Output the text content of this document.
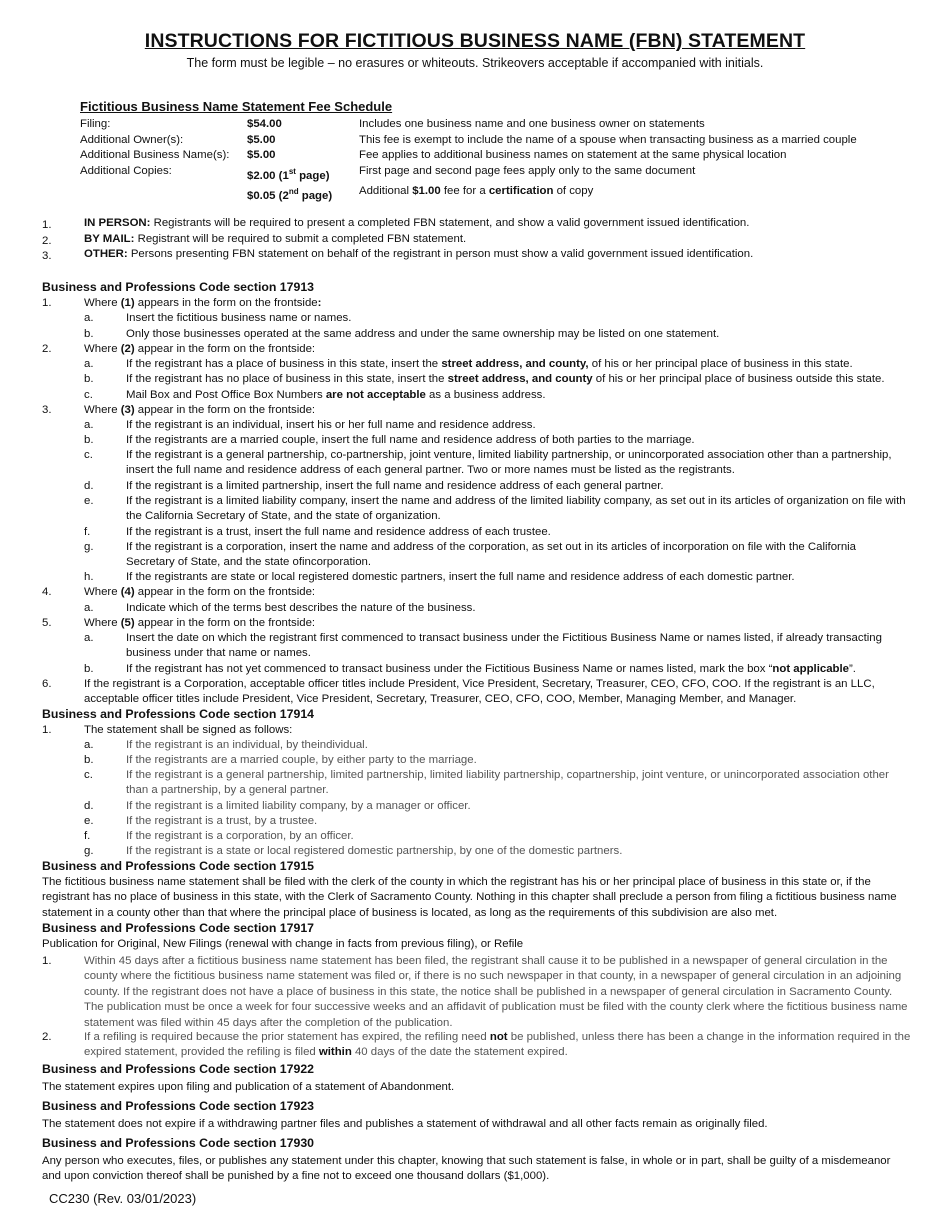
INSTRUCTIONS FOR FICTITIOUS BUSINESS NAME (FBN) STATEMENT
The form must be legible – no erasures or whiteouts. Strikeovers acceptable if accompanied with initials.
Fictitious Business Name Statement Fee Schedule
Filing:	$54.00	Includes one business name and one business owner on statements
Additional Owner(s):	$5.00	This fee is exempt to include the name of a spouse when transacting business as a married couple
Additional Business Name(s):	$5.00	Fee applies to additional business names on statement at the same physical location
Additional Copies:	$2.00 (1st page)	First page and second page fees apply only to the same document
	$0.05 (2nd page)	Additional $1.00 fee for a certification of copy
1.	IN PERSON: Registrants will be required to present a completed FBN statement, and show a valid government issued identification.
2.	BY MAIL: Registrant will be required to submit a completed FBN statement.
3.	OTHER: Persons presenting FBN statement on behalf of the registrant in person must show a valid government issued identification.
Business and Professions Code section 17913
1.	Where (1) appears in the form on the frontside:
a.	Insert the fictitious business name or names.
b.	Only those businesses operated at the same address and under the same ownership may be listed on one statement.
2.	Where (2) appear in the form on the frontside:
a.	If the registrant has a place of business in this state, insert the street address, and county, of his or her principal place of business in this state.
b.	If the registrant has no place of business in this state, insert the street address, and county of his or her principal place of business outside this state.
c.	Mail Box and Post Office Box Numbers are not acceptable as a business address.
3.	Where (3) appear in the form on the frontside:
a.	If the registrant is an individual, insert his or her full name and residence address.
b.	If the registrants are a married couple, insert the full name and residence address of both parties to the marriage.
c.	If the registrant is a general partnership, co-partnership, joint venture, limited liability partnership, or unincorporated association other than a partnership, insert the full name and residence address of each general partner. Two or more names must be listed as the registrants.
d.	If the registrant is a limited partnership, insert the full name and residence address of each general partner.
e.	If the registrant is a limited liability company, insert the name and address of the limited liability company, as set out in its articles of organization on file with the California Secretary of State, and the state of organization.
f.	If the registrant is a trust, insert the full name and residence address of each trustee.
g.	If the registrant is a corporation, insert the name and address of the corporation, as set out in its articles of incorporation on file with the California Secretary of State, and the state ofincorporation.
h.	If the registrants are state or local registered domestic partners, insert the full name and residence address of each domestic partner.
4.	Where (4) appear in the form on the frontside:
a.	Indicate which of the terms best describes the nature of the business.
5.	Where (5) appear in the form on the frontside:
a.	Insert the date on which the registrant first commenced to transact business under the Fictitious Business Name or names listed, if already transacting business under that name or names.
b.	If the registrant has not yet commenced to transact business under the Fictitious Business Name or names listed, mark the box “not applicable”.
6.	If the registrant is a Corporation, acceptable officer titles include President, Vice President, Secretary, Treasurer, CEO, CFO, COO. If the registrant is an LLC, acceptable officer titles include President, Vice President, Secretary, Treasurer, CEO, CFO, COO, Member, Managing Member, and Manager.
Business and Professions Code section 17914
1.	The statement shall be signed as follows:
a.	If the registrant is an individual, by theindividual.
b.	If the registrants are a married couple, by either party to the marriage.
c.	If the registrant is a general partnership, limited partnership, limited liability partnership, copartnership, joint venture, or unincorporated association other than a partnership, by a general partner.
d.	If the registrant is a limited liability company, by a manager or officer.
e.	If the registrant is a trust, by a trustee.
f.	If the registrant is a corporation, by an officer.
g.	If the registrant is a state or local registered domestic partnership, by one of the domestic partners.
Business and Professions Code section 17915
The fictitious business name statement shall be filed with the clerk of the county in which the registrant has his or her principal place of business in this state or, if the registrant has no place of business in this state, with the Clerk of Sacramento County. Nothing in this chapter shall preclude a person from filing a fictitious business name statement in a county other than that where the principal place of business is located, as long as the requirements of this subdivision are also met.
Business and Professions Code section 17917
Publication for Original, New Filings (renewal with change in facts from previous filing), or Refile
1.	Within 45 days after a fictitious business name statement has been filed, the registrant shall cause it to be published in a newspaper of general circulation in the county where the fictitious business name statement was filed or, if there is no such newspaper in that county, in a newspaper of general circulation in an adjoining county. If the registrant does not have a place of business in this state, the notice shall be published in a newspaper of general circulation in Sacramento County. The publication must be once a week for four successive weeks and an affidavit of publication must be filed with the county clerk where the fictitious business name statement was filed within 45 days after the completion of the publication.
2.	If a refiling is required because the prior statement has expired, the refiling need not be published, unless there has been a change in the information required in the expired statement, provided the refiling is filed within 40 days of the date the statement expired.
Business and Professions Code section 17922
The statement expires upon filing and publication of a statement of Abandonment.
Business and Professions Code section 17923
The statement does not expire if a withdrawing partner files and publishes a statement of withdrawal and all other facts remain as originally filed.
Business and Professions Code section 17930
Any person who executes, files, or publishes any statement under this chapter, knowing that such statement is false, in whole or in part, shall be guilty of a misdemeanor and upon conviction thereof shall be punished by a fine not to exceed one thousand dollars ($1,000).
CC230 (Rev. 03/01/2023)
